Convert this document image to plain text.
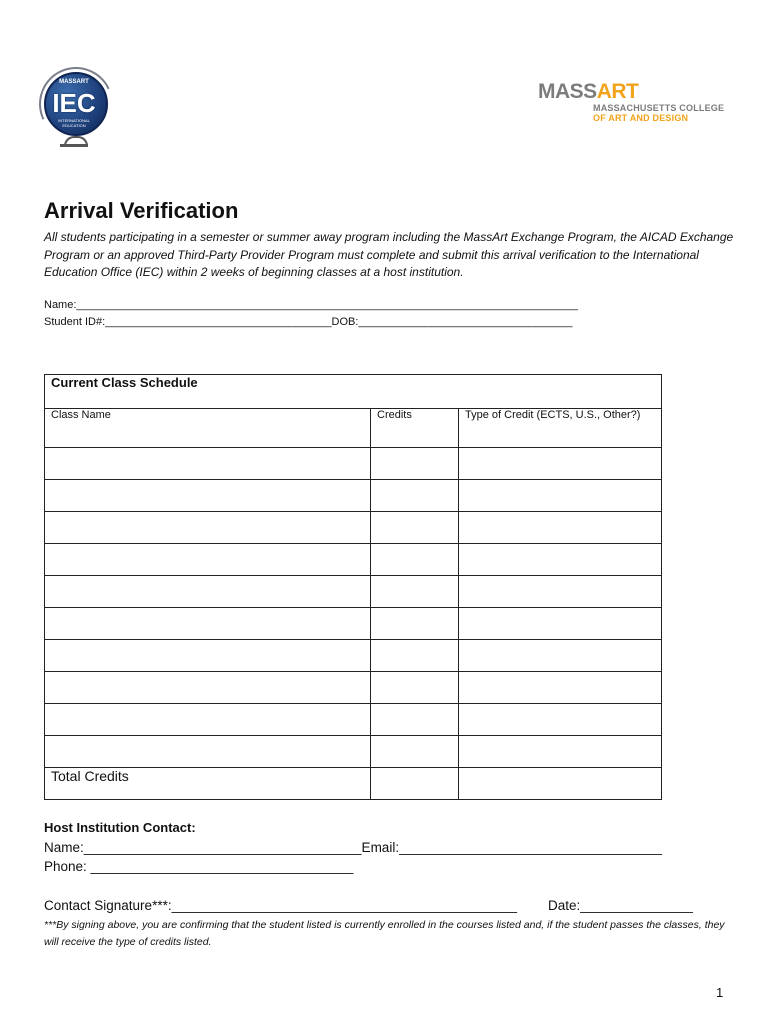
MASSART
IEC
INTERNATIONAL EDUCATION
MASSART
MASSACHUSETTS COLLEGE
OF ART AND DESIGN
Arrival Verification
All students participating in a semester or summer away program including the MassArt Exchange Program, the AICAD Exchange Program or an approved Third-Party Provider Program must complete and submit this arrival verification to the International Education Office (IEC) within 2 weeks of beginning classes at a host institution.
Name:__________________________________________________________________________________
Student ID#:_____________________________________DOB:___________________________________
Current Class Schedule		
Class Name	Credits	Type of Credit (ECTS, U.S., Other?)

Total Credits		
Host Institution Contact:
Name:_____________________________________Email:___________________________________
Phone: ___________________________________
Contact Signature***:______________________________________________ Date:_______________
***By signing above, you are confirming that the student listed is currently enrolled in the courses listed and, if the student passes the classes, they will receive the type of credits listed.
1
